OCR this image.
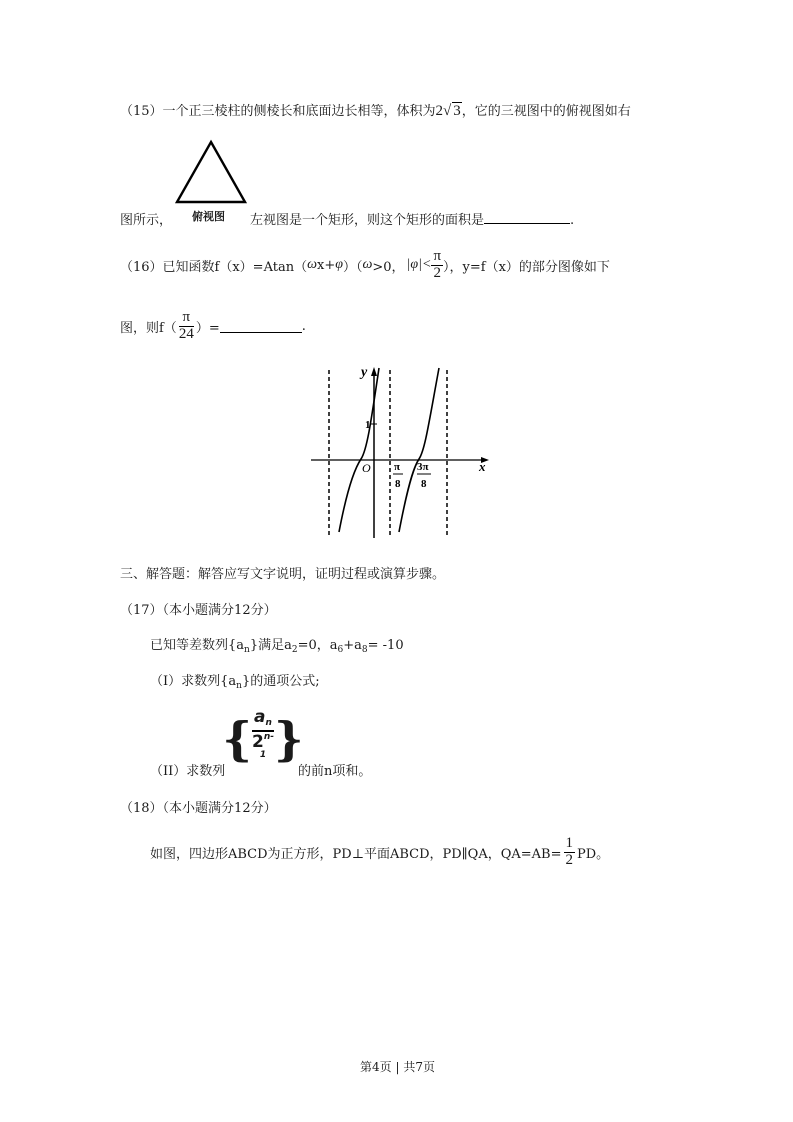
（15）一个正三棱柱的侧棱长和底面边长相等，体积为2√ 3，它的三视图中的俯视图如右
俯视图
图所示，	左视图是一个矩形，则这个矩形的面积是	.
（16）已知函数f（x）=Atan（ ω x+ φ ）（ ω >0， $|\varphi|< \frac{\pi}{2}$ ），y=f（x）的部分图像如下
图，则$f( \frac{\pi}{24}$ ）=	.
y
x
O
1
π
8
3π
8
三、解答题：解答应写文字说明，证明过程或演算步骤。
（17）（本小题满分12分）
已知等差数列$\{a_n\}$满足$a_2=0$，$a_6+a_8= -10$
（I）求数列$\{a_n\}$的通项公式;
（II）求数列
{ an
2$^{n-1}$ }
的前n项和。
（18）（本小题满分12分）
如图，四边形ABCD为正方形，PD⊥平面ABCD，PD∥QA，$QA=AB= \frac{1}{2}$ PD。
第4页 | 共7页
